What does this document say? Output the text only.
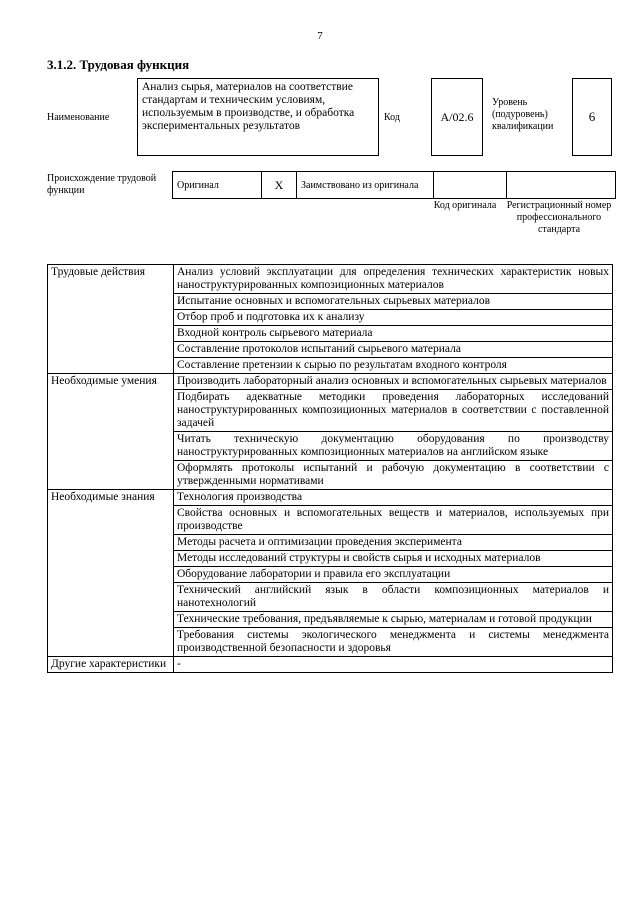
7
3.1.2. Трудовая функция
Наименование
Анализ сырья, материалов на соответствие стандартам и техническим условиям, используемым в производстве, и обработка экспериментальных результатов
Код	A/02.6
Уровень (подуровень) квалификации
6
Происхождение трудовой функции	Оригинал	X	Заимствовано из оригинала		
Код оригинала Регистрационный номер профессионального стандарта
Трудовые действия	Анализ условий эксплуатации для определения технических характеристик новых наноструктурированных композиционных материалов
	Испытание основных и вспомогательных сырьевых материалов
	Отбор проб и подготовка их к анализу
	Входной контроль сырьевого материала
	Составление протоколов испытаний сырьевого материала
	Составление претензии к сырью по результатам входного контроля
Необходимые умения	Производить лабораторный анализ основных и вспомогательных сырьевых материалов
	Подбирать адекватные методики проведения лабораторных исследований наноструктурированных композиционных материалов в соответствии с поставленной задачей
	Читать техническую документацию оборудования по производству наноструктурированных композиционных материалов на английском языке
	Оформлять протоколы испытаний и рабочую документацию в соответствии с утвержденными нормативами
Необходимые знания	Технология производства
	Свойства основных и вспомогательных веществ и материалов, используемых при производстве
	Методы расчета и оптимизации проведения эксперимента
	Методы исследований структуры и свойств сырья и исходных материалов
	Оборудование лаборатории и правила его эксплуатации
	Технический английский язык в области композиционных материалов и нанотехнологий
	Технические требования, предъявляемые к сырью, материалам и готовой продукции
	Требования системы экологического менеджмента и системы менеджмента производственной безопасности и здоровья
Другие характеристики	-
